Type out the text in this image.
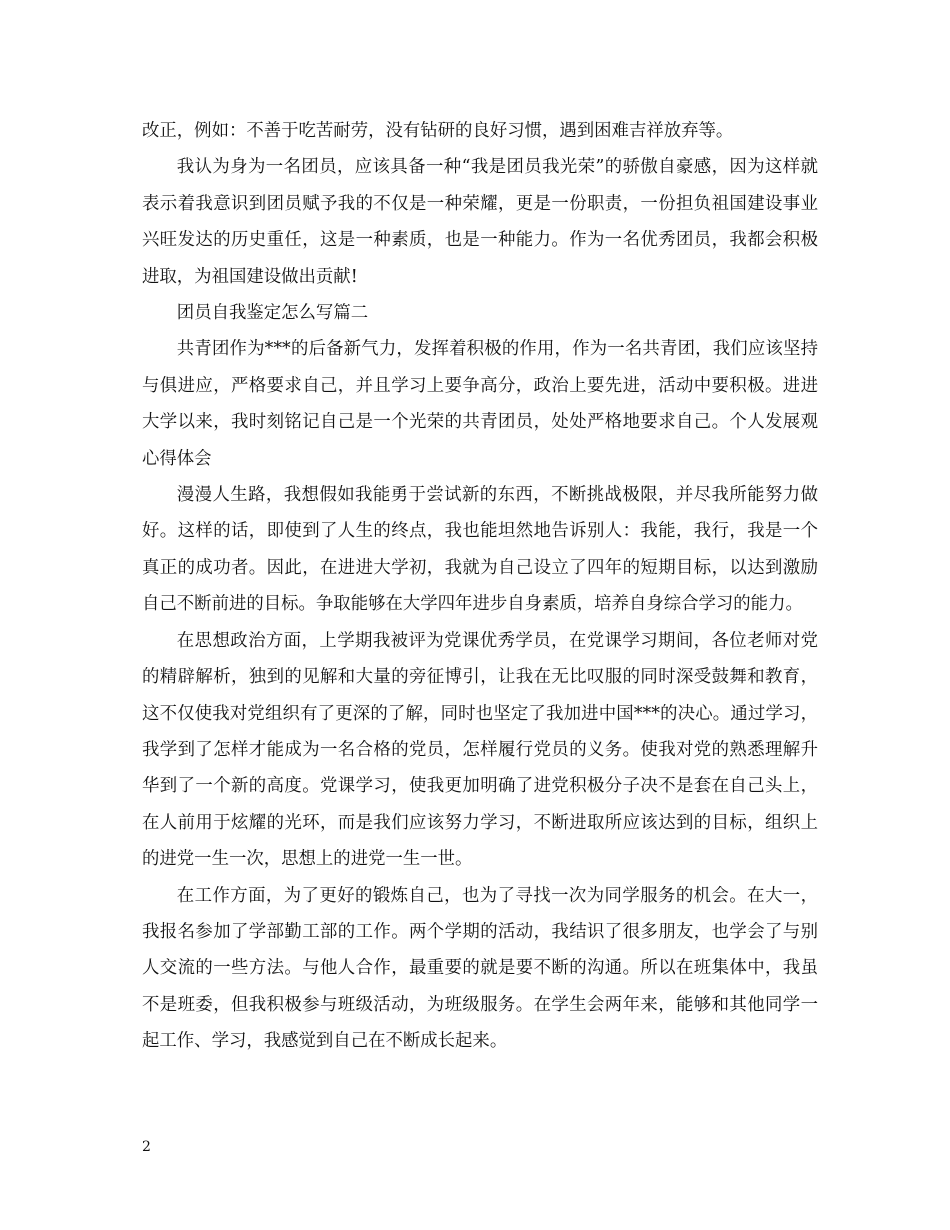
改正，例如：不善于吃苦耐劳，没有钻研的良好习惯，遇到困难吉祥放弃等。

我认为身为一名团员，应该具备一种“我是团员我光荣”的骄傲自豪感，因为这样就表示着我意识到团员赋予我的不仅是一种荣耀，更是一份职责，一份担负祖国建设事业兴旺发达的历史重任，这是一种素质，也是一种能力。作为一名优秀团员，我都会积极进取，为祖国建设做出贡献!

团员自我鉴定怎么写篇二

共青团作为***的后备新气力，发挥着积极的作用，作为一名共青团，我们应该坚持与俱进应，严格要求自己，并且学习上要争高分，政治上要先进，活动中要积极。进进大学以来，我时刻铭记自己是一个光荣的共青团员，处处严格地要求自己。个人发展观心得体会

漫漫人生路，我想假如我能勇于尝试新的东西，不断挑战极限，并尽我所能努力做好。这样的话，即使到了人生的终点，我也能坦然地告诉别人：我能，我行，我是一个真正的成功者。因此，在进进大学初，我就为自己设立了四年的短期目标，以达到激励自己不断前进的目标。争取能够在大学四年进步自身素质，培养自身综合学习的能力。

在思想政治方面，上学期我被评为党课优秀学员，在党课学习期间，各位老师对党的精辟解析，独到的见解和大量的旁征博引，让我在无比叹服的同时深受鼓舞和教育，这不仅使我对党组织有了更深的了解，同时也坚定了我加进中国***的决心。通过学习，我学到了怎样才能成为一名合格的党员，怎样履行党员的义务。使我对党的熟悉理解升华到了一个新的高度。党课学习，使我更加明确了进党积极分子决不是套在自己头上，在人前用于炫耀的光环，而是我们应该努力学习，不断进取所应该达到的目标，组织上的进党一生一次，思想上的进党一生一世。

在工作方面，为了更好的锻炼自己，也为了寻找一次为同学服务的机会。在大一，我报名参加了学部勤工部的工作。两个学期的活动，我结识了很多朋友，也学会了与别人交流的一些方法。与他人合作，最重要的就是要不断的沟通。所以在班集体中，我虽不是班委，但我积极参与班级活动，为班级服务。在学生会两年来，能够和其他同学一起工作、学习，我感觉到自己在不断成长起来。

2
